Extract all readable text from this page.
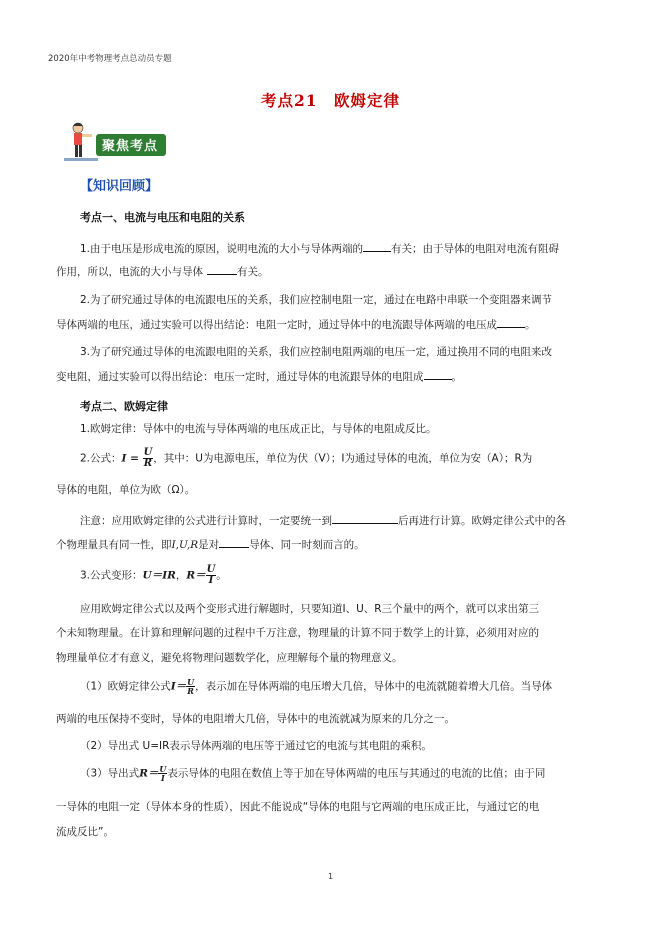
2020年中考物理考点总动员专题
考点21　欧姆定律
聚焦考点
【知识回顾】
考点一、电流与电压和电阻的关系
1.由于电压是形成电流的原因，说明电流的大小与导体两端的	有关；由于导体的电阻对电流有阻碍
作用，所以，电流的大小与导体	有关。
2.为了研究通过导体的电流跟电压的关系，我们应控制电阻一定，通过在电路中串联一个变阻器来调节
导体两端的电压，通过实验可以得出结论：电阻一定时，通过导体中的电流跟导体两端的电压成	。
3.为了研究通过导体的电流跟电阻的关系，我们应控制电阻两端的电压一定，通过换用不同的电阻来改
变电阻，通过实验可以得出结论：电压一定时，通过导体的电流跟导体的电阻成	。
考点二、欧姆定律
1.欧姆定律：导体中的电流与导体两端的电压成正比，与导体的电阻成反比。
2.公式：$I = \frac{U}{R}$ ，其中：U为电源电压，单位为伏（V）；I为通过导体的电流，单位为安（A）；R为
导体的电阻，单位为欧（Ω）。
注意：应用欧姆定律的公式进行计算时，一定要统一到	后再进行计算。欧姆定律公式中的各
个物理量具有同一性，即I,U,R是对	导体、同一时刻而言的。
3.公式变形：U＝IR，$R= \frac{U}{I}$ 。
应用欧姆定律公式以及两个变形式进行解题时，只要知道I、U、R三个量中的两个，就可以求出第三
个未知物理量。在计算和理解问题的过程中千万注意，物理量的计算不同于数学上的计算，必须用对应的
物理量单位才有意义，避免将物理问题数学化，应理解每个量的物理意义。
（1）欧姆定律公式$I= \frac{U}{R}$ ，表示加在导体两端的电压增大几倍，导体中的电流就随着增大几倍。当导体
两端的电压保持不变时，导体的电阻增大几倍，导体中的电流就减为原来的几分之一。
（2）导出式 U=IR表示导体两端的电压等于通过它的电流与其电阻的乘积。
（3）导出式$R= \frac{U}{I}$ 表示导体的电阻在数值上等于加在导体两端的电压与其通过的电流的比值；由于同
一导体的电阻一定（导体本身的性质），因此不能说成“导体的电阻与它两端的电压成正比，与通过它的电
流成反比”。
1
